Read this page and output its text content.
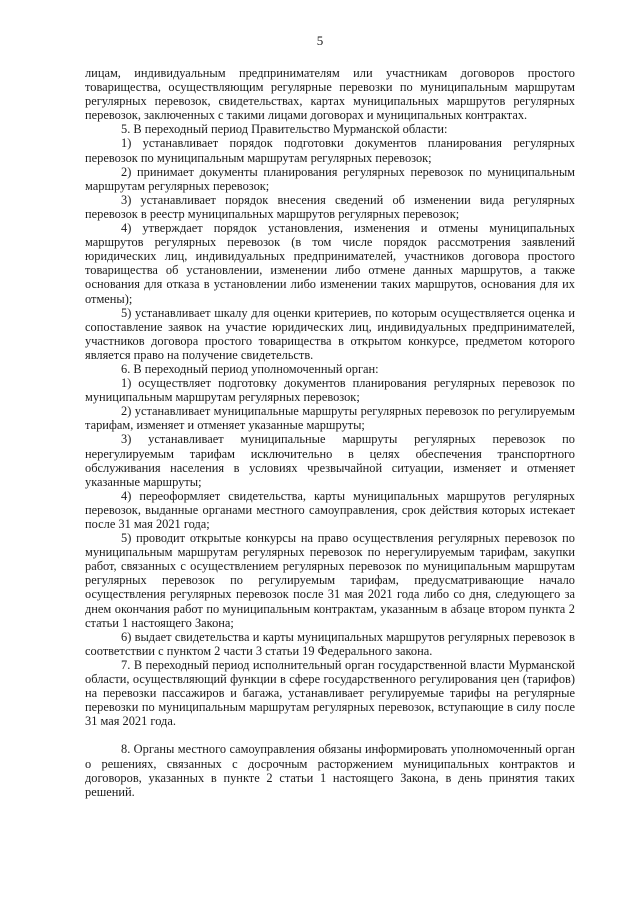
5

лицам, индивидуальным предпринимателям или участникам договоров простого товарищества, осуществляющим регулярные перевозки по муниципальным маршрутам регулярных перевозок, свидетельствах, картах муниципальных маршрутов регулярных перевозок, заключенных с такими лицами договорах и муниципальных контрактах.

5. В переходный период Правительство Мурманской области:

1) устанавливает порядок подготовки документов планирования регулярных перевозок по муниципальным маршрутам регулярных перевозок;

2) принимает документы планирования регулярных перевозок по муниципальным маршрутам регулярных перевозок;

3) устанавливает порядок внесения сведений об изменении вида регулярных перевозок в реестр муниципальных маршрутов регулярных перевозок;

4) утверждает порядок установления, изменения и отмены муниципальных маршрутов регулярных перевозок (в том числе порядок рассмотрения заявлений юридических лиц, индивидуальных предпринимателей, участников договора простого товарищества об установлении, изменении либо отмене данных маршрутов, а также основания для отказа в установлении либо изменении таких маршрутов, основания для их отмены);

5) устанавливает шкалу для оценки критериев, по которым осуществляется оценка и сопоставление заявок на участие юридических лиц, индивидуальных предпринимателей, участников договора простого товарищества в открытом конкурсе, предметом которого является право на получение свидетельств.

6. В переходный период уполномоченный орган:

1) осуществляет подготовку документов планирования регулярных перевозок по муниципальным маршрутам регулярных перевозок;

2) устанавливает муниципальные маршруты регулярных перевозок по регулируемым тарифам, изменяет и отменяет указанные маршруты;

3) устанавливает муниципальные маршруты регулярных перевозок по нерегулируемым тарифам исключительно в целях обеспечения транспортного обслуживания населения в условиях чрезвычайной ситуации, изменяет и отменяет указанные маршруты;

4) переоформляет свидетельства, карты муниципальных маршрутов регулярных перевозок, выданные органами местного самоуправления, срок действия которых истекает после 31 мая 2021 года;

5) проводит открытые конкурсы на право осуществления регулярных перевозок по муниципальным маршрутам регулярных перевозок по нерегулируемым тарифам, закупки работ, связанных с осуществлением регулярных перевозок по муниципальным маршрутам регулярных перевозок по регулируемым тарифам, предусматривающие начало осуществления регулярных перевозок после 31 мая 2021 года либо со дня, следующего за днем окончания работ по муниципальным контрактам, указанным в абзаце втором пункта 2 статьи 1 настоящего Закона;

6) выдает свидетельства и карты муниципальных маршрутов регулярных перевозок в соответствии с пунктом 2 части 3 статьи 19 Федерального закона.

7. В переходный период исполнительный орган государственной власти Мурманской области, осуществляющий функции в сфере государственного регулирования цен (тарифов) на перевозки пассажиров и багажа, устанавливает регулируемые тарифы на регулярные перевозки по муниципальным маршрутам регулярных перевозок, вступающие в силу после 31 мая 2021 года.

8. Органы местного самоуправления обязаны информировать уполномоченный орган о решениях, связанных с досрочным расторжением муниципальных контрактов и договоров, указанных в пункте 2 статьи 1 настоящего Закона, в день принятия таких решений.
